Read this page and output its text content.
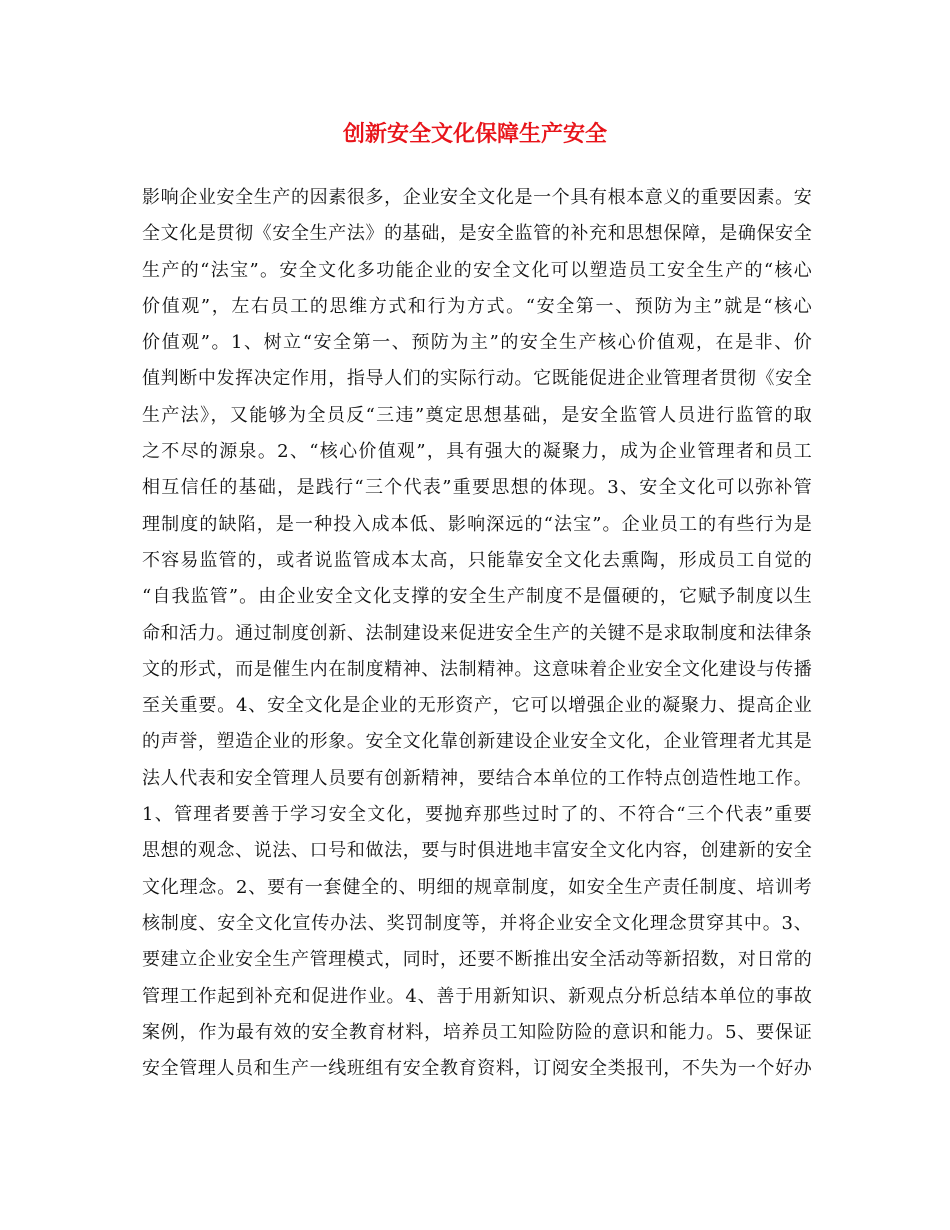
创新安全文化保障生产安全
影响企业安全生产的因素很多，企业安全文化是一个具有根本意义的重要因素。安
全文化是贯彻《安全生产法》的基础，是安全监管的补充和思想保障，是确保安全
生产的“法宝”。安全文化多功能企业的安全文化可以塑造员工安全生产的“核心
价值观”，左右员工的思维方式和行为方式。“安全第一、预防为主”就是“核心
价值观”。1、树立“安全第一、预防为主”的安全生产核心价值观，在是非、价
值判断中发挥决定作用，指导人们的实际行动。它既能促进企业管理者贯彻《安全
生产法》，又能够为全员反“三违”奠定思想基础，是安全监管人员进行监管的取
之不尽的源泉。2、“核心价值观”，具有强大的凝聚力，成为企业管理者和员工
相互信任的基础，是践行“三个代表”重要思想的体现。3、安全文化可以弥补管
理制度的缺陷，是一种投入成本低、影响深远的“法宝”。企业员工的有些行为是
不容易监管的，或者说监管成本太高，只能靠安全文化去熏陶，形成员工自觉的
“自我监管”。由企业安全文化支撑的安全生产制度不是僵硬的，它赋予制度以生
命和活力。通过制度创新、法制建设来促进安全生产的关键不是求取制度和法律条
文的形式，而是催生内在制度精神、法制精神。这意味着企业安全文化建设与传播
至关重要。4、安全文化是企业的无形资产，它可以增强企业的凝聚力、提高企业
的声誉，塑造企业的形象。安全文化靠创新建设企业安全文化，企业管理者尤其是
法人代表和安全管理人员要有创新精神，要结合本单位的工作特点创造性地工作。
1、管理者要善于学习安全文化，要抛弃那些过时了的、不符合“三个代表”重要
思想的观念、说法、口号和做法，要与时俱进地丰富安全文化内容，创建新的安全
文化理念。2、要有一套健全的、明细的规章制度，如安全生产责任制度、培训考
核制度、安全文化宣传办法、奖罚制度等，并将企业安全文化理念贯穿其中。3、
要建立企业安全生产管理模式，同时，还要不断推出安全活动等新招数，对日常的
管理工作起到补充和促进作业。4、善于用新知识、新观点分析总结本单位的事故
案例，作为最有效的安全教育材料，培养员工知险防险的意识和能力。5、要保证
安全管理人员和生产一线班组有安全教育资料，订阅安全类报刊，不失为一个好办
